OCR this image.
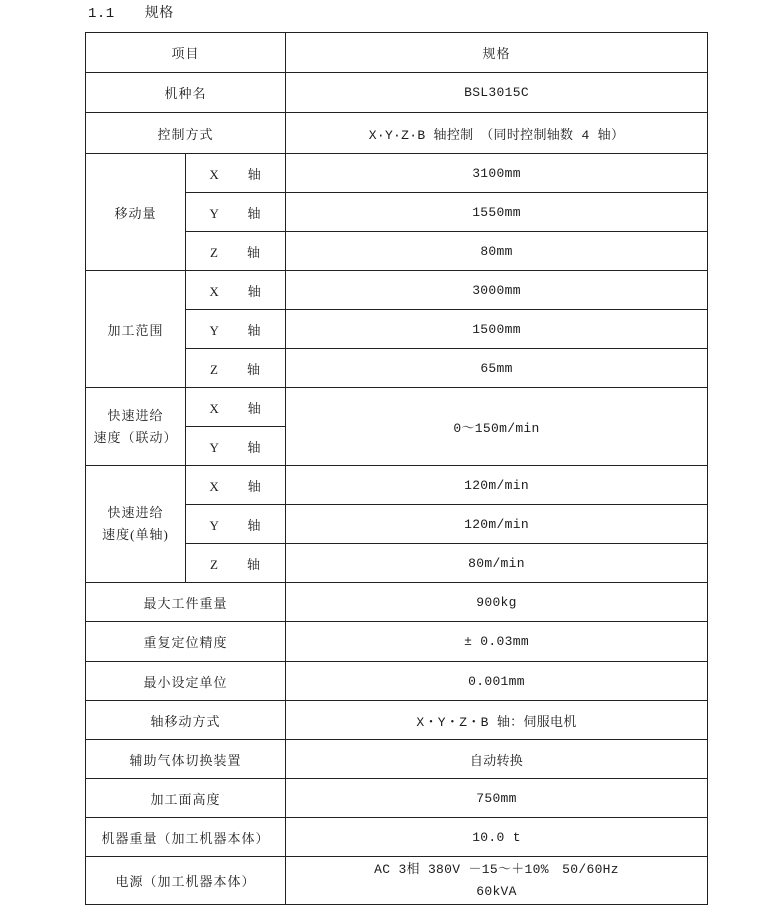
1.1 规格
项目		规格
机种名		BSL3015C
控制方式		X·Y·Z·B 轴控制　（同时控制轴数 4 轴）
移动量	X　　轴	3100mm
	Y　　轴	1550mm
	Z　　轴	80mm
加工范围	X　　轴	3000mm
	Y　　轴	1500mm
	Z　　轴	65mm

快速进给
速度（联动）	X　　轴	0～150m/min
	Y　　轴	

快速进给
速度(单轴)	X　　轴	120m/min
	Y　　轴	120m/min
	Z　　轴	80m/min
最大工件重量		900kg
重复定位精度		± 0.03mm
最小设定单位		0.001mm
轴移动方式		X・Y・Z・B 轴：伺服电机
辅助气体切换装置		自动转换
加工面高度		750mm
机器重量（加工机器本体）		10.0 t
电源（加工机器本体）		AC 3相 380V －15～＋10%　50/60Hz
60kVA
